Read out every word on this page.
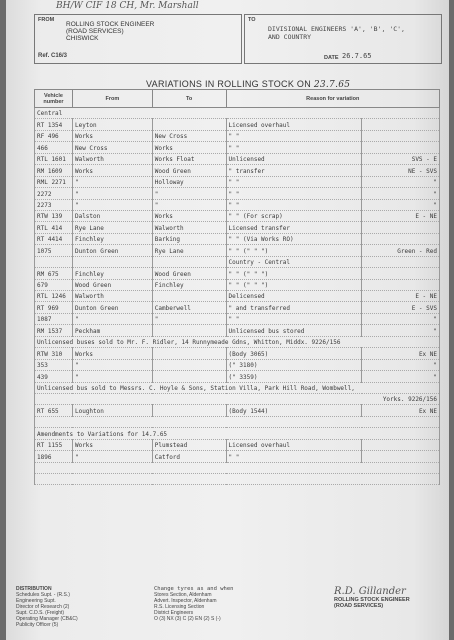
BH/W CIF 18 CH, Mr. Marshall
FROM
ROLLING STOCK ENGINEER
(ROAD SERVICES)
CHISWICK
Ref. C16/3
TO
DIVISIONAL ENGINEERS 'A', 'B', 'C',
AND COUNTRY
DATE 26.7.65
VARIATIONS IN ROLLING STOCK ON 23.7.65
Vehicle number	From	To	Reason for variation	
Central				
RT 1354	Leyton		Licensed overhaul	
RF 496	Works	New Cross	" "	
466	New Cross	Works	" "	
RTL 1601	Walworth	Works Float	Unlicensed	SVS - E
RM 1609	Works	Wood Green	" transfer	NE - SVS
RML 2271	"	Holloway	" "	"
2272	"	"	" "	"
2273	"	"	" "	"
RTW 139	Dalston	Works	" " (For scrap)	E - NE
RTL 414	Rye Lane	Walworth	Licensed transfer	
RT 4414	Finchley	Barking	" " (Via Works RO)	
1075	Dunton Green	Rye Lane	" " (" " ")	Green - Red
			Country - Central	
RM 675	Finchley	Wood Green	" " (" " ")	
679	Wood Green	Finchley	" " (" " ")	
RTL 1246	Walworth		Delicensed	E - NE
RT 969	Dunton Green	Camberwell	" and transferred	E - SVS
1087	"	"	" "	"
RM 1537	Peckham		Unlicensed bus stored	"
Unlicensed buses sold to Mr. F. Ridler, 14 Runnymeade Gdns, Whitton, Middx. 9226/156				
RTW 310	Works		(Body 3065)	Ex NE
353	"		(" 3180)	"
439	"		(" 3359)	"
Unlicensed bus sold to Messrs. C. Hoyle & Sons, Station Villa, Park Hill Road, Wombwell,				
Yorks. 9226/156				
RT 655	Loughton		(Body 1544)	Ex NE

Amendments to Variations for 14.7.65				
RT 1155	Works	Plumstead	Licensed overhaul	
1896	"	Catford	" "	

DISTRIBUTION
Schedules Supt. - (R.S.)
Engineering Supt.
Director of Research (2)
Supt. C.D.S. (Freight)
Operating Manager (CB&C)
Publicity Officer (5)
Change tyres as and when
Stores Section, Aldenham
Advert. Inspector, Aldenham
R.S. Licensing Section
District Engineers
O (3) NX (3) C (2) EN (2) S (-)
R.D. Gillander
ROLLING STOCK ENGINEER
(ROAD SERVICES)
